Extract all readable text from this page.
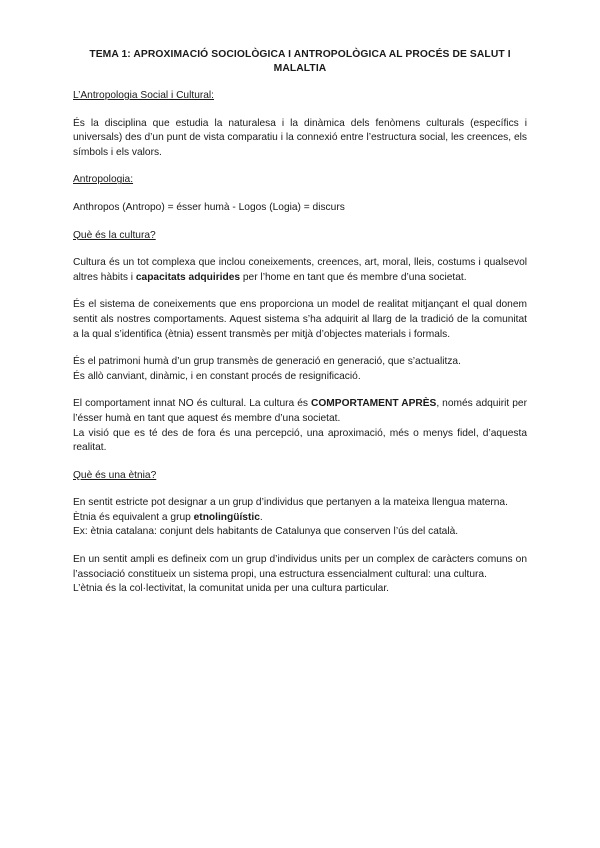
TEMA 1: APROXIMACIÓ SOCIOLÒGICA I ANTROPOLÒGICA AL PROCÉS DE SALUT I MALALTIA
L’Antropologia Social i Cultural:

És la disciplina que estudia la naturalesa i la dinàmica dels fenòmens culturals (específics i universals) des d’un punt de vista comparatiu i la connexió entre l’estructura social, les creences, els símbols i els valors.

Antropologia:

Anthropos (Antropo) = ésser humà - Logos (Logia) = discurs

Què és la cultura?

Cultura és un tot complexa que inclou coneixements, creences, art, moral, lleis, costums i qualsevol altres hàbits i capacitats adquirides per l’home en tant que és membre d’una societat.

És el sistema de coneixements que ens proporciona un model de realitat mitjançant el qual donem sentit als nostres comportaments. Aquest sistema s’ha adquirit al llarg de la tradició de la comunitat a la qual s’identifica (ètnia) essent transmès per mitjà d’objectes materials i formals.

És el patrimoni humà d’un grup transmès de generació en generació, que s’actualitza.
És allò canviant, dinàmic, i en constant procés de resignificació.
El comportament innat NO és cultural. La cultura és COMPORTAMENT APRÈS, només adquirit per l’ésser humà en tant que aquest és membre d’una societat.
La visió que es té des de fora és una percepció, una aproximació, més o menys fidel, d’aquesta realitat.
Què és una ètnia?
En sentit estricte pot designar a un grup d’individus que pertanyen a la mateixa llengua materna.
Ètnia és equivalent a grup etnolingüístic.
Ex: ètnia catalana: conjunt dels habitants de Catalunya que conserven l’ús del català.
En un sentit ampli es defineix com un grup d’individus units per un complex de caràcters comuns on l’associació constitueix un sistema propi, una estructura essencialment cultural: una cultura.
L’ètnia és la col·lectivitat, la comunitat unida per una cultura particular.
